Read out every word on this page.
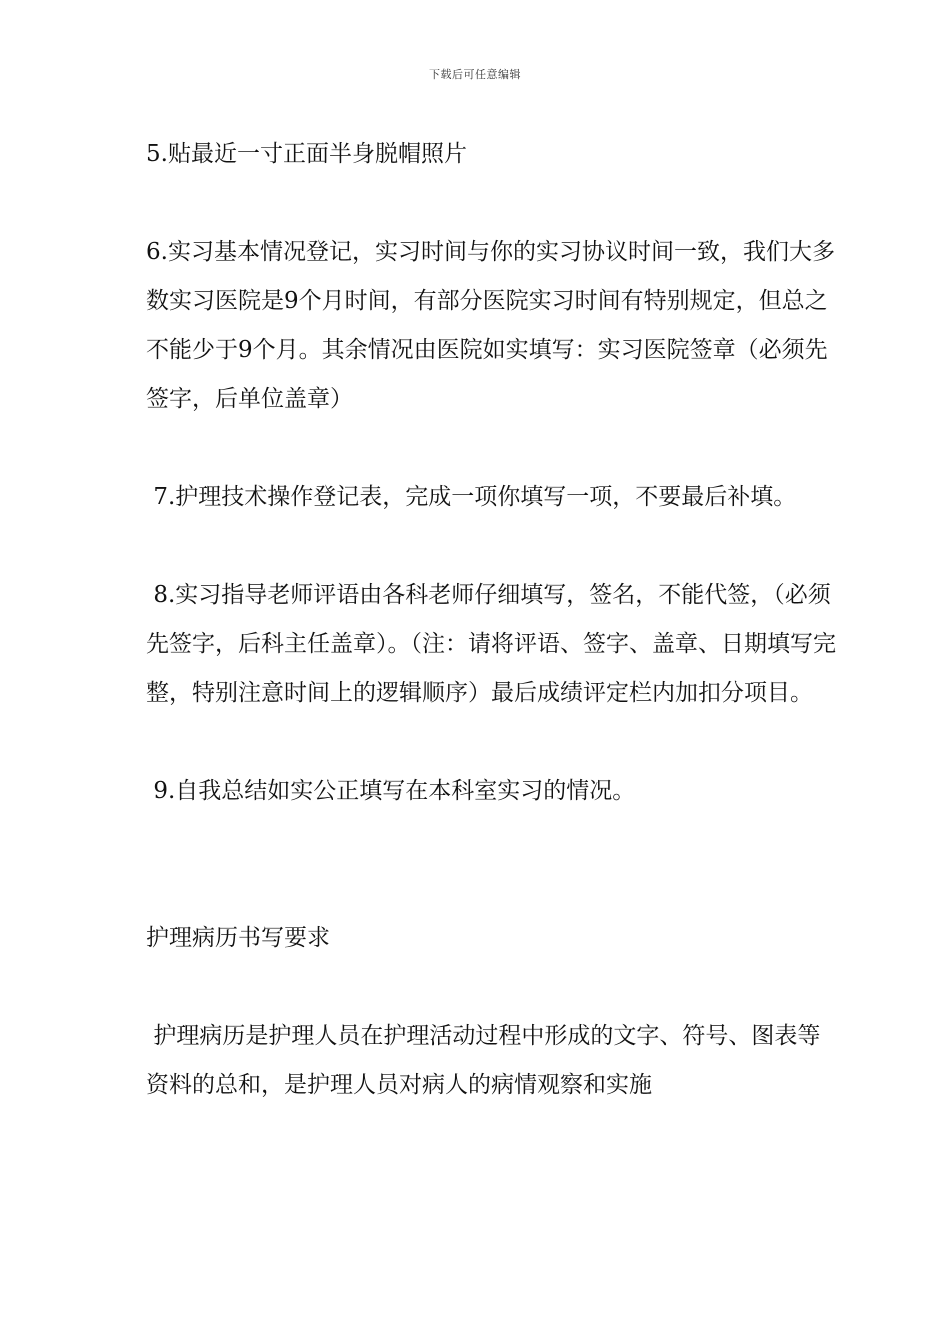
下载后可任意编辑

5.贴最近一寸正面半身脱帽照片

6.实习基本情况登记，实习时间与你的实习协议时间一致，我们大多数实习医院是9个月时间，有部分医院实习时间有特别规定，但总之不能少于9个月。其余情况由医院如实填写：实习医院签章（必须先签字，后单位盖章）

7.护理技术操作登记表，完成一项你填写一项，不要最后补填。

8.实习指导老师评语由各科老师仔细填写，签名，不能代签，（必须先签字，后科主任盖章）。（注：请将评语、签字、盖章、日期填写完整，特别注意时间上的逻辑顺序）最后成绩评定栏内加扣分项目。

9.自我总结如实公正填写在本科室实习的情况。

护理病历书写要求

护理病历是护理人员在护理活动过程中形成的文字、符号、图表等资料的总和，是护理人员对病人的病情观察和实施
